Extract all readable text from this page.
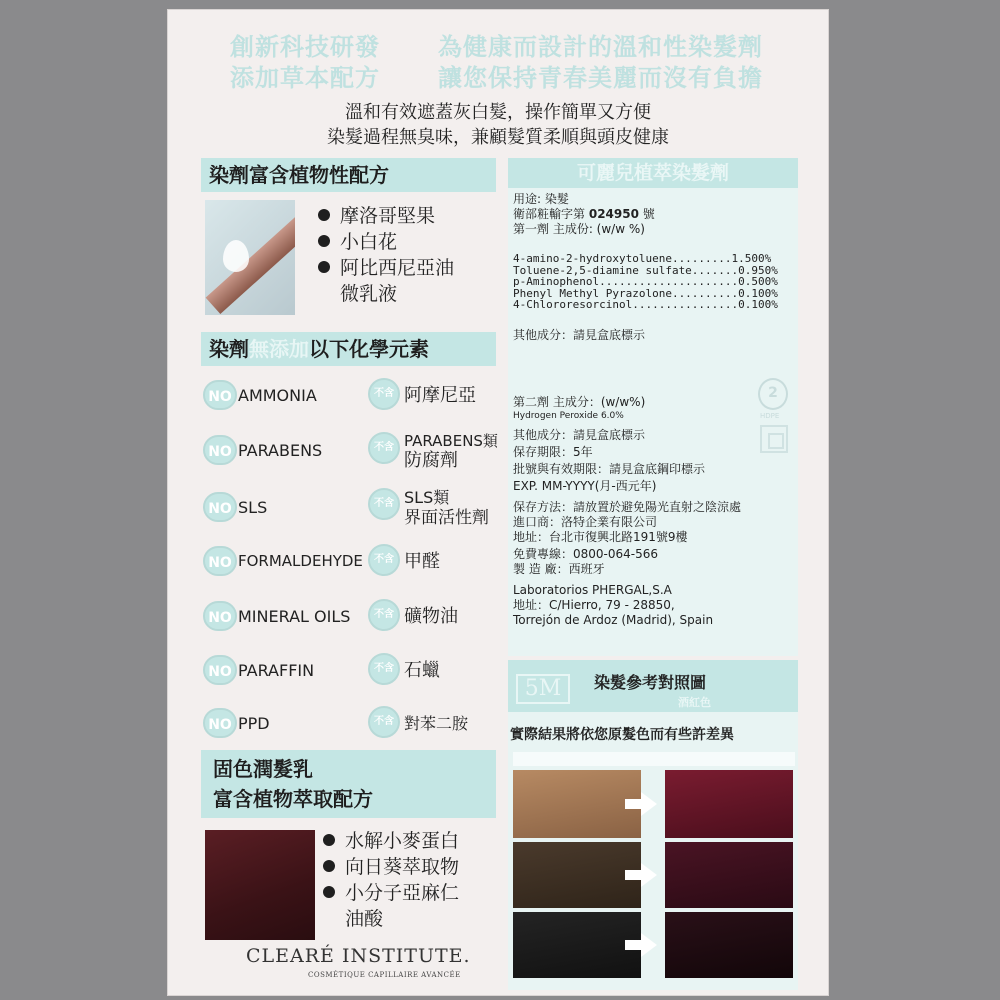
創新科技研發
添加草本配方
為健康而設計的溫和性染髮劑
讓您保持青春美麗而沒有負擔
溫和有效遮蓋灰白髮，操作簡單又方便
染髮過程無臭味，兼顧髮質柔順與頭皮健康
染劑富含植物性配方
摩洛哥堅果
小白花
阿比西尼亞油
微乳液
染劑無添加以下化學元素
NO AMMONIA	不含 阿摩尼亞
NO PARABENS	不含 PARABENS類
防腐劑
NO SLS	不含 SLS類
界面活性劑
NO FORMALDEHYDE	不含 甲醛
NO MINERAL OILS	不含 礦物油
NO PARAFFIN	不含 石蠟
NO PPD	不含 對苯二胺
固色潤髮乳
富含植物萃取配方
水解小麥蛋白
向日葵萃取物
小分子亞麻仁
油酸
CLEARÉ INSTITUTE.
COSMÉTIQUE CAPILLAIRE AVANCÉE
可麗兒植萃染髮劑
用途: 染髮
衛部粧輸字第 024950 號
第一劑 主成份: (w/w %)
4-amino-2-hydroxytoluene.........1.500%
Toluene-2,5-diamine sulfate.......0.950%
p-Aminophenol.....................0.500%
Phenyl Methyl Pyrazolone..........0.100%
4-Chlororesorcinol................0.100%
其他成分：請見盒底標示
2
HDPE
第二劑 主成分：(w/w%)
Hydrogen Peroxide 6.0%
其他成分：請見盒底標示
保存期限：5年
批號與有效期限：請見盒底鋼印標示
EXP. MM-YYYY(月-西元年)
保存方法：請放置於避免陽光直射之陰涼處
進口商：洛特企業有限公司
地址：台北市復興北路191號9樓
免費專線：0800-064-566
製 造 廠：西班牙
Laboratorios PHERGAL,S.A
地址：C/Hierro, 79 - 28850,
Torrejón de Ardoz (Madrid), Spain
5M	染髮參考對照圖
酒紅色
實際結果將依您原髮色而有些許差異
